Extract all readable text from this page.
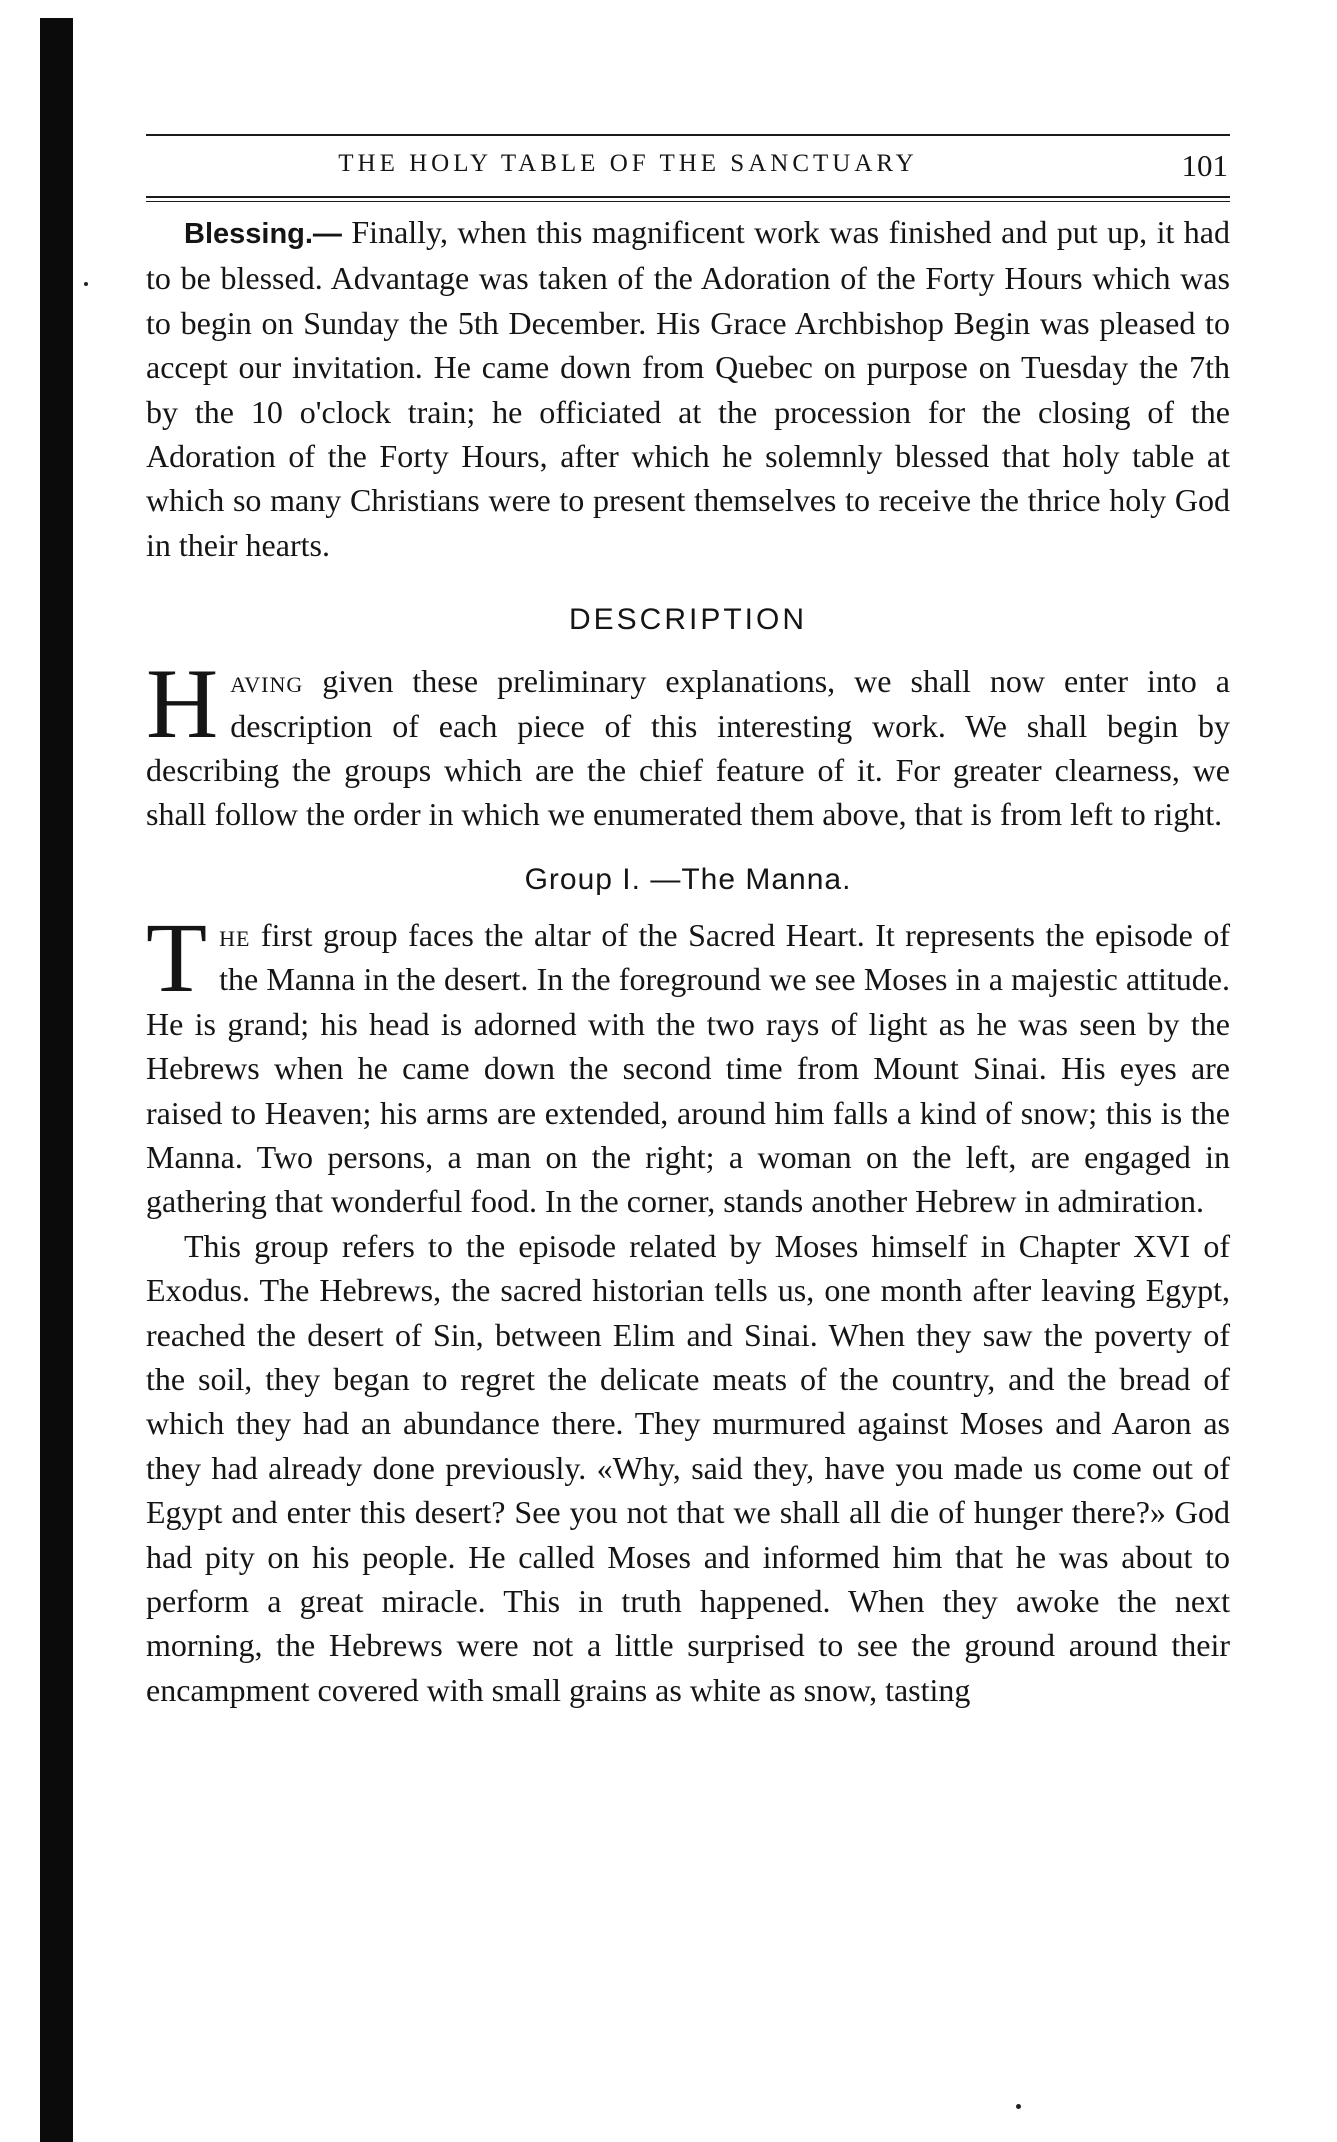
THE HOLY TABLE OF THE SANCTUARY	101

Blessing.— Finally, when this magnificent work was finished and put up, it had to be blessed. Advantage was taken of the Adoration of the Forty Hours which was to begin on Sunday the 5th December. His Grace Archbishop Begin was pleased to accept our invitation. He came down from Quebec on purpose on Tuesday the 7th by the 10 o'clock train; he officiated at the procession for the closing of the Adoration of the Forty Hours, after which he solemnly blessed that holy table at which so many Christians were to present themselves to receive the thrice holy God in their hearts.

DESCRIPTION

Having given these preliminary explanations, we shall now enter into a description of each piece of this interesting work. We shall begin by describing the groups which are the chief feature of it. For greater clearness, we shall follow the order in which we enumerated them above, that is from left to right.

Group I. —The Manna.

The first group faces the altar of the Sacred Heart. It represents the episode of the Manna in the desert. In the foreground we see Moses in a majestic attitude. He is grand; his head is adorned with the two rays of light as he was seen by the Hebrews when he came down the second time from Mount Sinai. His eyes are raised to Heaven; his arms are extended, around him falls a kind of snow; this is the Manna. Two persons, a man on the right; a woman on the left, are engaged in gathering that wonderful food. In the corner, stands another Hebrew in admiration.

This group refers to the episode related by Moses himself in Chapter XVI of Exodus. The Hebrews, the sacred historian tells us, one month after leaving Egypt, reached the desert of Sin, between Elim and Sinai. When they saw the poverty of the soil, they began to regret the delicate meats of the country, and the bread of which they had an abundance there. They murmured against Moses and Aaron as they had already done previously. «Why, said they, have you made us come out of Egypt and enter this desert? See you not that we shall all die of hunger there?» God had pity on his people. He called Moses and informed him that he was about to perform a great miracle. This in truth happened. When they awoke the next morning, the Hebrews were not a little surprised to see the ground around their encampment covered with small grains as white as snow, tasting
